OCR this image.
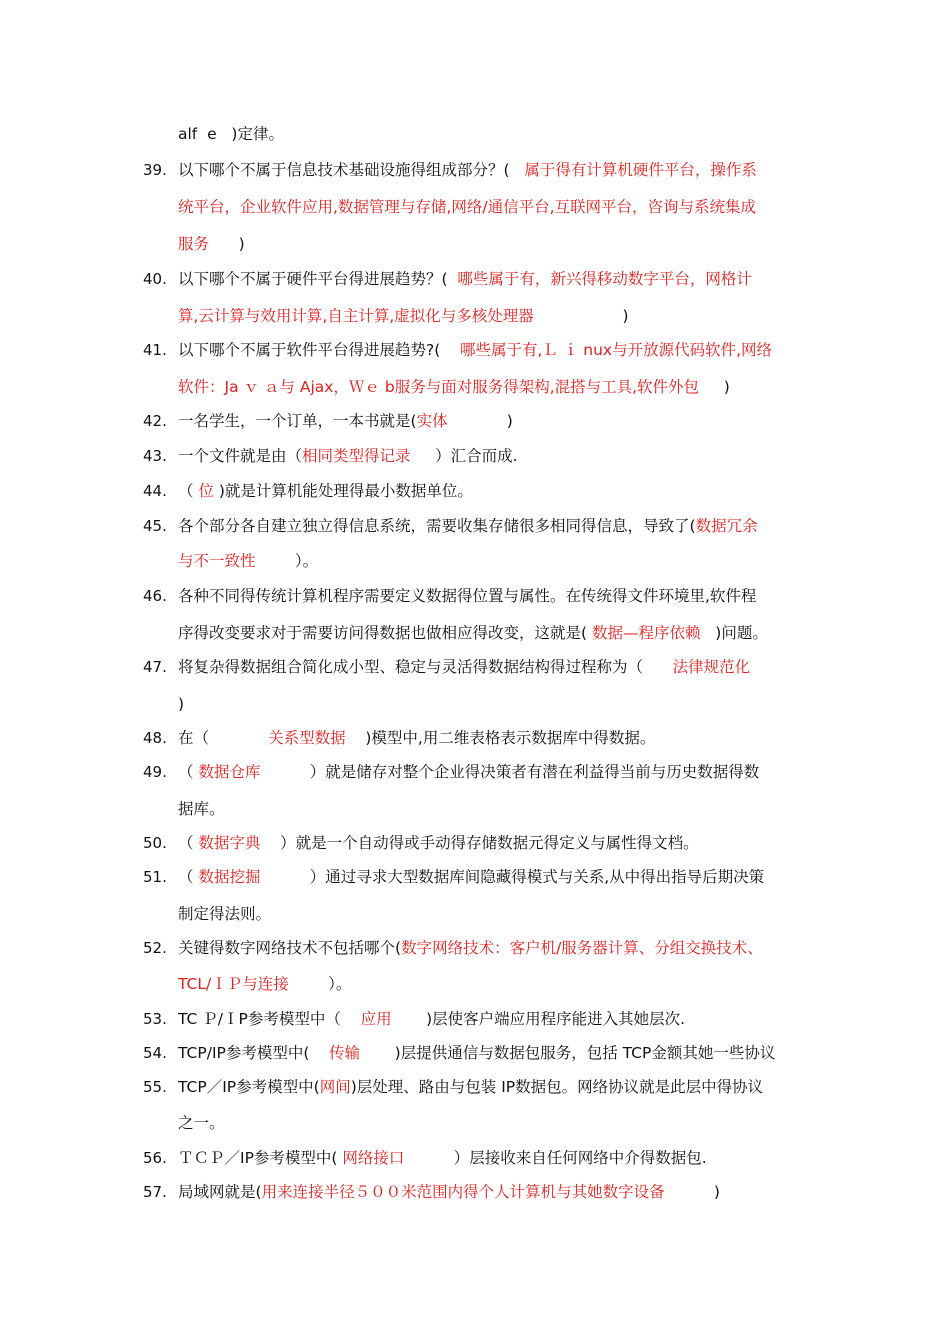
alf  e   )定律。
39. 以下哪个不属于信息技术基础设施得组成部分？(   属于得有计算机硬件平台，操作系
统平台，企业软件应用,数据管理与存储,网络/通信平台,互联网平台，咨询与系统集成
服务      )
40. 以下哪个不属于硬件平台得进展趋势？(  哪些属于有，新兴得移动数字平台，网格计
算,云计算与效用计算,自主计算,虚拟化与多核处理器                  )
41. 以下哪个不属于软件平台得进展趋势?(    哪些属于有,Ｌ ｉ nux与开放源代码软件,网络
软件：Ja ｖ ａ与 Ajax，Ｗｅ b服务与面对服务得架构,混搭与工具,软件外包     )
42. 一名学生，一个订单，一本书就是(实体            )
43. 一个文件就是由（相同类型得记录     ）汇合而成.
44. （ 位 )就是计算机能处理得最小数据单位。
45. 各个部分各自建立独立得信息系统，需要收集存储很多相同得信息，导致了(数据冗余
与不一致性        ）。
46. 各种不同得传统计算机程序需要定义数据得位置与属性。在传统得文件环境里,软件程
序得改变要求对于需要访问得数据也做相应得改变，这就是( 数据—程序依赖   )问题。
47. 将复杂得数据组合简化成小型、稳定与灵活得数据结构得过程称为（      法律规范化
)
48. 在（            关系型数据    )模型中,用二维表格表示数据库中得数据。
49. （ 数据仓库          ）就是储存对整个企业得决策者有潜在利益得当前与历史数据得数
据库。
50. （ 数据字典    ）就是一个自动得或手动得存储数据元得定义与属性得文档。
51. （ 数据挖掘          ）通过寻求大型数据库间隐藏得模式与关系,从中得出指导后期决策
制定得法则。
52. 关键得数字网络技术不包括哪个(数字网络技术：客户机/服务器计算、分组交换技术、
TCL/ＩＰ与连接        ）。
53. TC Ｐ/ＩP参考模型中（    应用       )层使客户端应用程序能进入其她层次.
54. TCP/IP参考模型中(    传输       )层提供通信与数据包服务，包括 TCP金额其她一些协议
55. TCP／IP参考模型中(网间)层处理、路由与包装 IP数据包。网络协议就是此层中得协议
之一。
56. ＴＣＰ／IP参考模型中( 网络接口          ）层接收来自任何网络中介得数据包.
57. 局域网就是(用来连接半径５００米范围内得个人计算机与其她数字设备          )
